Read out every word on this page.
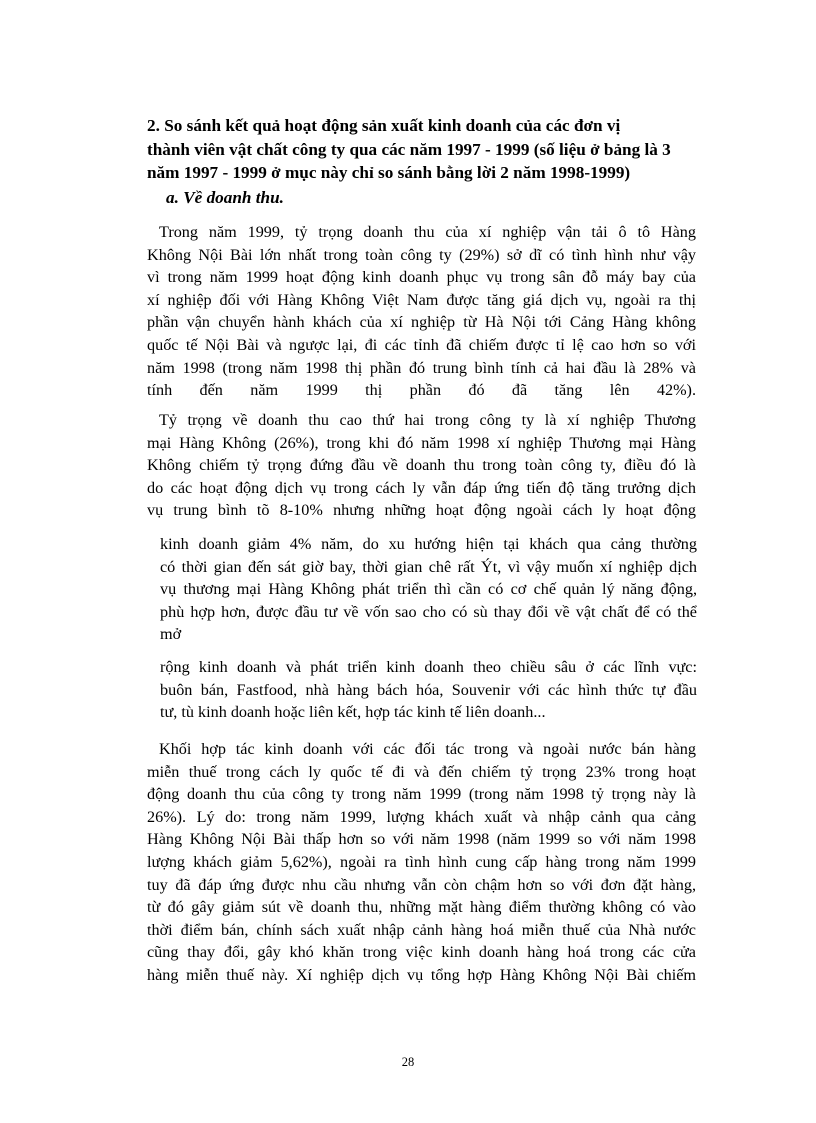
2. So sánh kết quả hoạt động sản xuất kinh doanh của các đơn vị
thành viên vật chất công ty qua các năm 1997 - 1999 (số liệu ở bảng là 3
năm 1997 - 1999 ở mục này chỉ so sánh bằng lời 2 năm 1998-1999)
a. Về doanh thu.
Trong năm 1999, tỷ trọng doanh thu của xí nghiệp vận tải ô tô Hàng
Không Nội Bài lớn nhất trong toàn công ty (29%) sở dĩ có tình hình như vậy
vì trong năm 1999 hoạt động kinh doanh phục vụ trong sân đỗ máy bay của
xí nghiệp đối với Hàng Không Việt Nam được tăng giá dịch vụ, ngoài ra thị
phần vận chuyển hành khách của xí nghiệp từ Hà Nội tới Cảng Hàng không
quốc tế Nội Bài và ngược lại, đi các tỉnh đã chiếm được tỉ lệ cao hơn so với
năm 1998 (trong năm 1998 thị phần đó trung bình tính cả hai đầu là 28% và
tính đến năm 1999 thị phần đó đã tăng lên 42%).
Tỷ trọng về doanh thu cao thứ hai trong công ty là xí nghiệp Thương
mại Hàng Không (26%), trong khi đó năm 1998 xí nghiệp Thương mại Hàng
Không chiếm tỷ trọng đứng đầu về doanh thu trong toàn công ty, điều đó là
do các hoạt động dịch vụ trong cách ly vẫn đáp ứng tiến độ tăng trưởng dịch
vụ trung bình tõ 8-10% nhưng những hoạt động ngoài cách ly hoạt động
kinh doanh giảm 4% năm, do xu hướng hiện tại khách qua cảng thường
có thời gian đến sát giờ bay, thời gian chê rất Ýt, vì vậy muốn xí nghiệp dịch
vụ thương mại Hàng Không phát triển thì cần có cơ chế quản lý năng động,
phù hợp hơn, được đầu tư về vốn sao cho có sù thay đổi về vật chất để có thể
mở
rộng kinh doanh và phát triển kinh doanh theo chiều sâu ở các lĩnh vực:
buôn bán, Fastfood, nhà hàng bách hóa, Souvenir với các hình thức tự đầu
tư, tù kinh doanh hoặc liên kết, hợp tác kinh tế liên doanh...
Khối hợp tác kinh doanh với các đối tác trong và ngoài nước bán hàng
miễn thuế trong cách ly quốc tế đi và đến chiếm tỷ trọng 23% trong hoạt
động doanh thu của công ty trong năm 1999 (trong năm 1998 tỷ trọng này là
26%). Lý do: trong năm 1999, lượng khách xuất và nhập cảnh qua cảng
Hàng Không Nội Bài thấp hơn so với năm 1998 (năm 1999 so với năm 1998
lượng khách giảm 5,62%), ngoài ra tình hình cung cấp hàng trong năm 1999
tuy đã đáp ứng được nhu cầu nhưng vẫn còn chậm hơn so với đơn đặt hàng,
từ đó gây giảm sút về doanh thu, những mặt hàng điểm thường không có vào
thời điểm bán, chính sách xuất nhập cảnh hàng hoá miễn thuế của Nhà nước
cũng thay đổi, gây khó khăn trong việc kinh doanh hàng hoá trong các cửa
hàng miễn thuế này. Xí nghiệp dịch vụ tổng hợp Hàng Không Nội Bài chiếm
28
